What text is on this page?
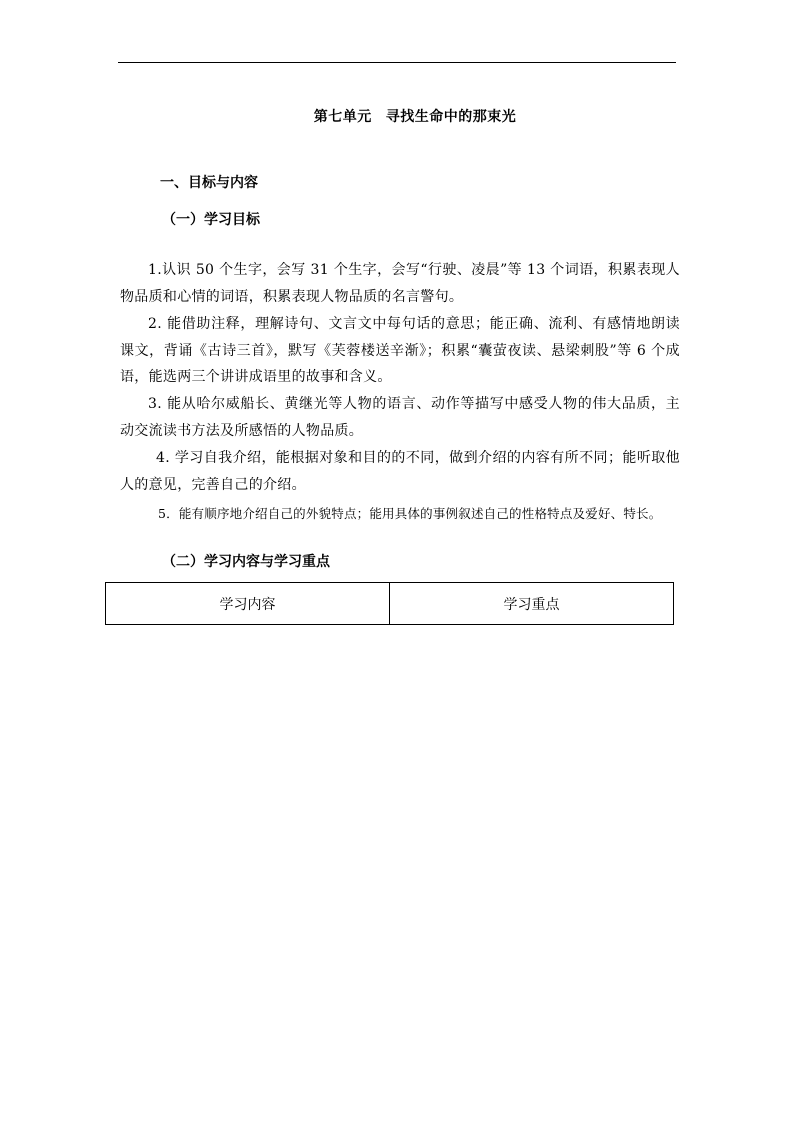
第七单元 寻找生命中的那束光
一、目标与内容
（一）学习目标

1.认识 50 个生字，会写 31 个生字，会写“行驶、凌晨”等 13 个词语，积累表现人物品质和心情的词语，积累表现人物品质的名言警句。

2. 能借助注释，理解诗句、文言文中每句话的意思；能正确、流利、有感情地朗读课文，背诵《古诗三首》，默写《芙蓉楼送辛渐》；积累“囊萤夜读、悬梁刺股”等 6 个成语，能选两三个讲讲成语里的故事和含义。

3. 能从哈尔威船长、黄继光等人物的语言、动作等描写中感受人物的伟大品质，主动交流读书方法及所感悟的人物品质。

4. 学习自我介绍，能根据对象和目的的不同，做到介绍的内容有所不同；能听取他人的意见，完善自己的介绍。

5．能有顺序地介绍自己的外貌特点；能用具体的事例叙述自己的性格特点及爱好、特长。

（二）学习内容与学习重点
学习内容	学习重点
